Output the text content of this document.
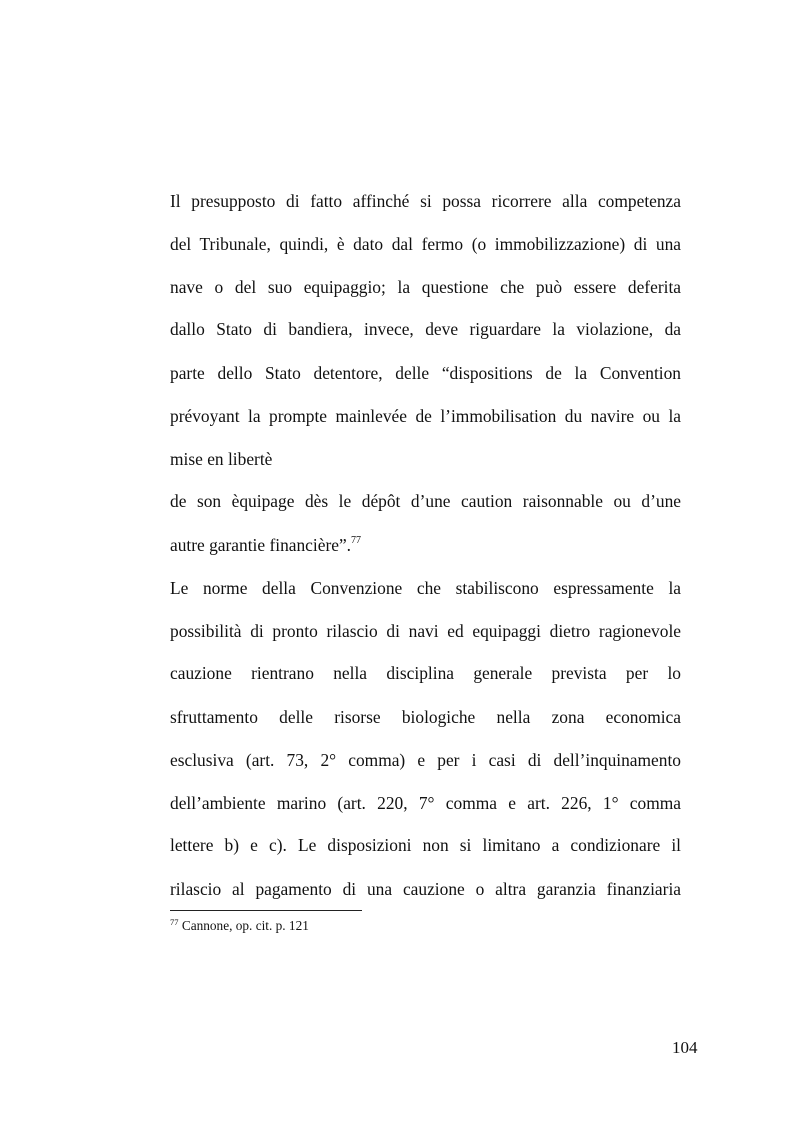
Il presupposto di fatto affinché si possa ricorrere alla competenza
del Tribunale, quindi, è dato dal fermo (o immobilizzazione) di una
nave o del suo equipaggio; la questione che può essere deferita
dallo Stato di bandiera, invece, deve riguardare la violazione, da
parte dello Stato detentore, delle “dispositions de la Convention
prévoyant la prompte mainlevée de l’immobilisation du navire ou la
mise en libertè
de son èquipage dès le dépôt d’une caution raisonnable ou d’une
autre garantie financière”.$^{77}$
Le norme della Convenzione che stabiliscono espressamente la
possibilità di pronto rilascio di navi ed equipaggi dietro ragionevole
cauzione rientrano nella disciplina generale prevista per lo
sfruttamento delle risorse biologiche nella zona economica
esclusiva (art. 73, 2° comma) e per i casi di dell’inquinamento
dell’ambiente marino (art. 220, 7° comma e art. 226, 1° comma
lettere b) e c). Le disposizioni non si limitano a condizionare il
rilascio al pagamento di una cauzione o altra garanzia finanziaria
$^{77}$ Cannone, op. cit. p. 121
104
